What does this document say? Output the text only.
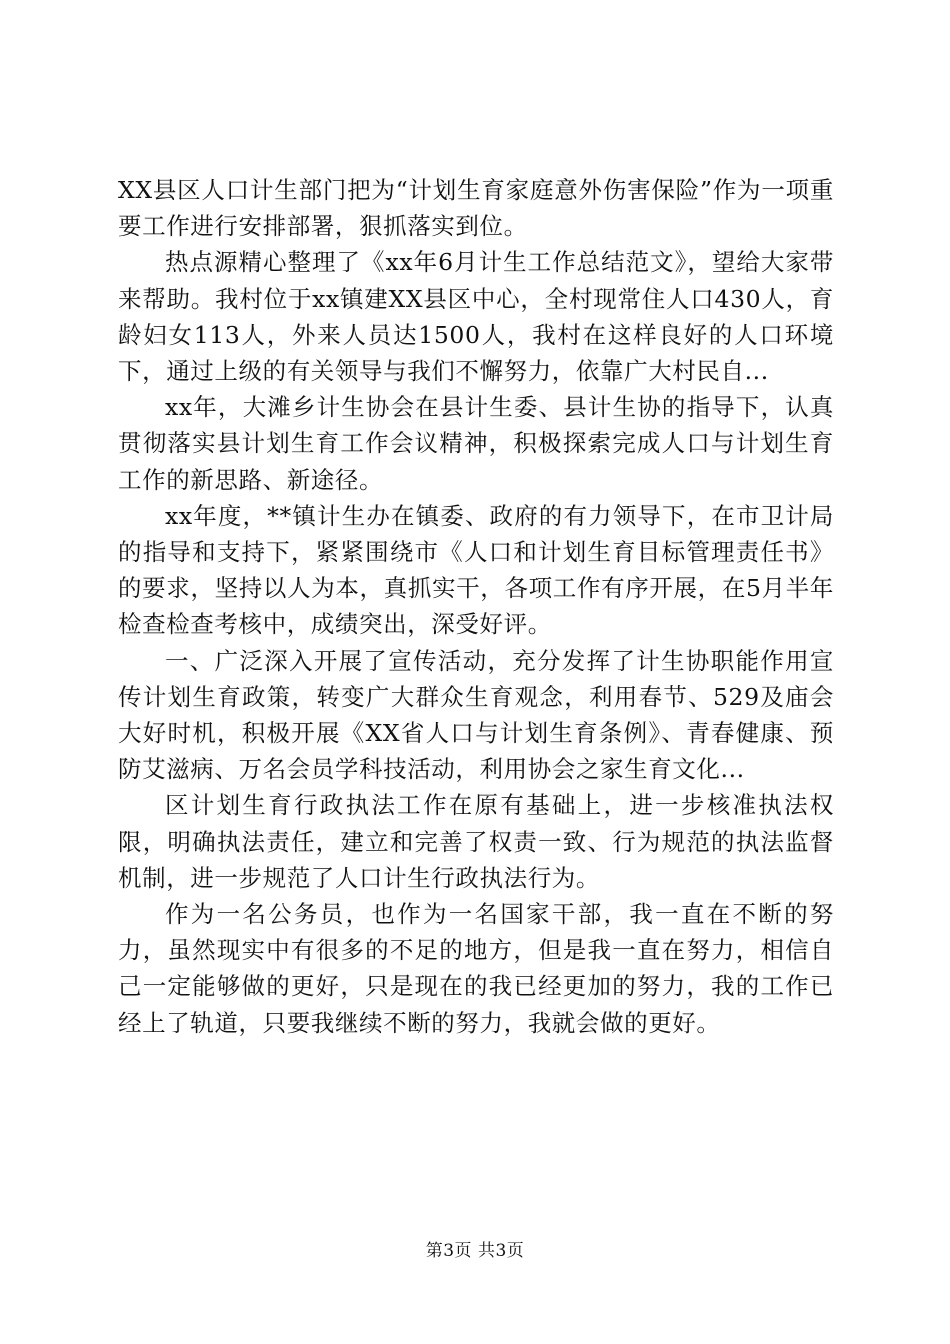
XX县区人口计生部门把为“计划生育家庭意外伤害保险”作为一项重要工作进行安排部署，狠抓落实到位。

热点源精心整理了《xx年6月计生工作总结范文》，望给大家带来帮助。我村位于xx镇建XX县区中心，全村现常住人口430人，育龄妇女113人，外来人员达1500人，我村在这样良好的人口环境下，通过上级的有关领导与我们不懈努力，依靠广大村民自...

xx年，大滩乡计生协会在县计生委、县计生协的指导下，认真贯彻落实县计划生育工作会议精神，积极探索完成人口与计划生育工作的新思路、新途径。

xx年度，**镇计生办在镇委、政府的有力领导下，在市卫计局的指导和支持下，紧紧围绕市《人口和计划生育目标管理责任书》的要求，坚持以人为本，真抓实干，各项工作有序开展，在5月半年检查检查考核中，成绩突出，深受好评。

一、广泛深入开展了宣传活动，充分发挥了计生协职能作用宣传计划生育政策，转变广大群众生育观念，利用春节、529及庙会大好时机，积极开展《XX省人口与计划生育条例》、青春健康、预防艾滋病、万名会员学科技活动，利用协会之家生育文化...

区计划生育行政执法工作在原有基础上，进一步核准执法权限，明确执法责任，建立和完善了权责一致、行为规范的执法监督机制，进一步规范了人口计生行政执法行为。

作为一名公务员，也作为一名国家干部，我一直在不断的努力，虽然现实中有很多的不足的地方，但是我一直在努力，相信自己一定能够做的更好，只是现在的我已经更加的努力，我的工作已经上了轨道，只要我继续不断的努力，我就会做的更好。

第3页 共3页
